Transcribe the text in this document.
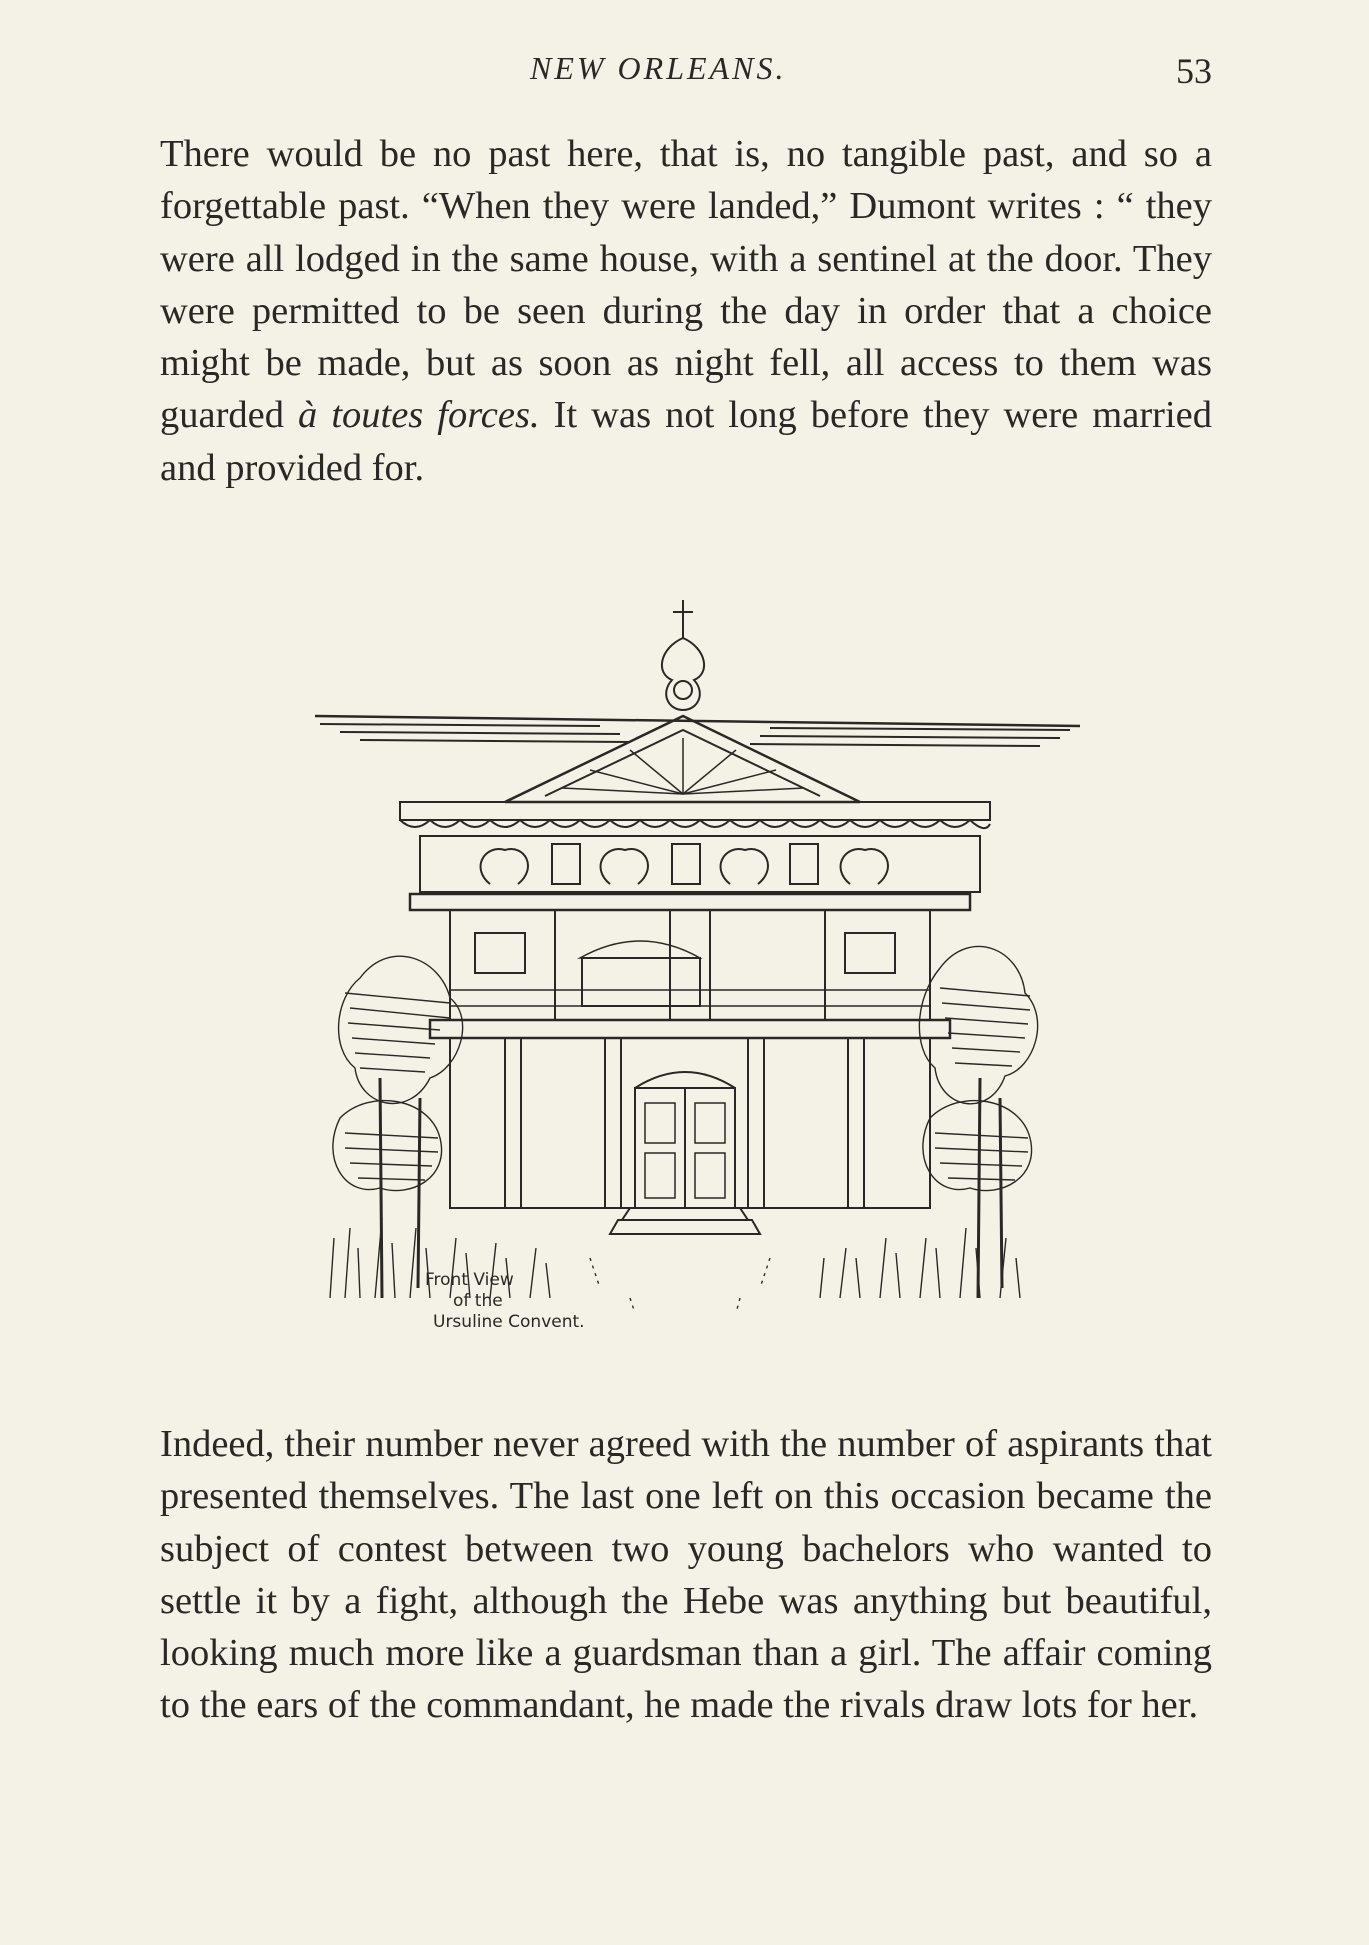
NEW ORLEANS.	53

There would be no past here, that is, no tangible past, and so a forgettable past. “When they were landed,” Dumont writes : “ they were all lodged in the same house, with a sentinel at the door. They were permitted to be seen during the day in order that a choice might be made, but as soon as night fell, all access to them was guarded à toutes forces. It was not long before they were married and provided for.

Front View
of the
Ursuline Convent.

Indeed, their number never agreed with the number of aspirants that presented themselves. The last one left on this occasion became the subject of contest between two young bachelors who wanted to settle it by a fight, although the Hebe was anything but beautiful, looking much more like a guardsman than a girl. The affair coming to the ears of the commandant, he made the rivals draw lots for her.
